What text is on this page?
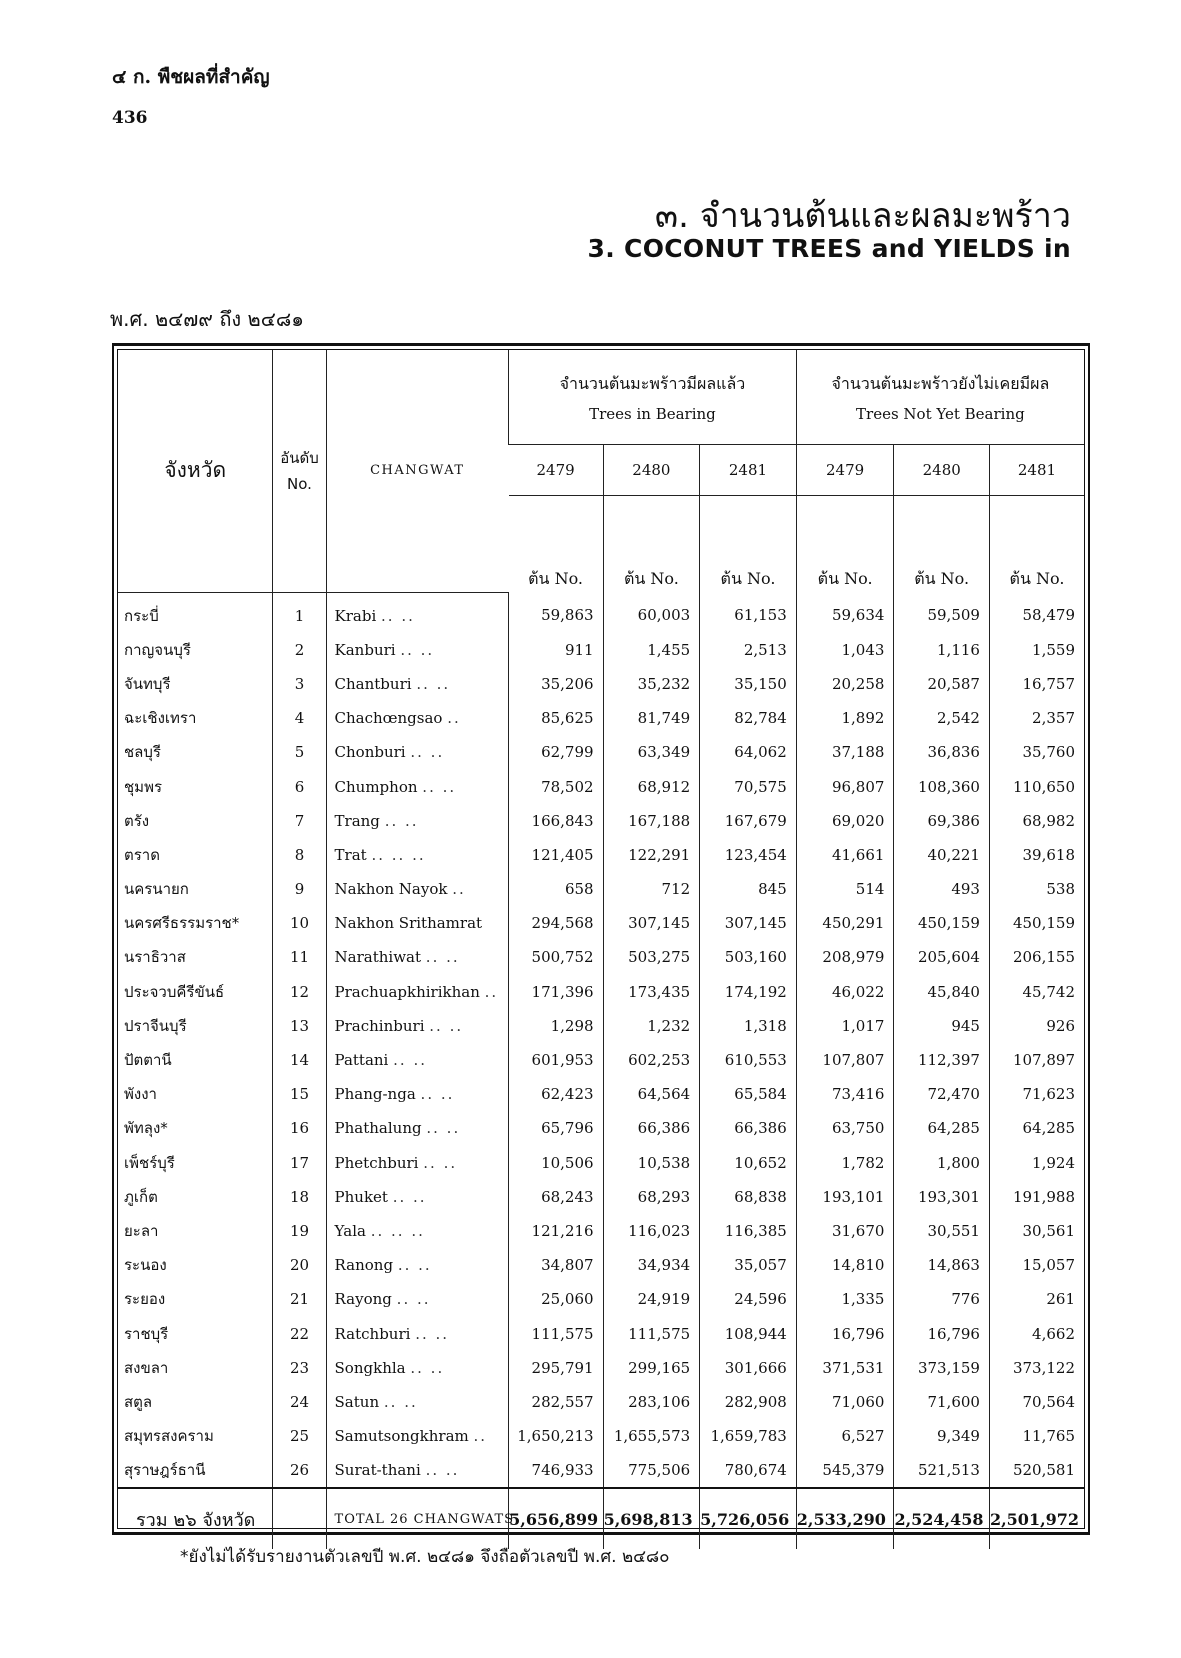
๔ ก. พืชผลที่สำคัญ
436
๓. จำนวนต้นและผลมะพร้าว
3. COCONUT TREES and YIELDS in
พ.ศ. ๒๔๗๙ ถึง ๒๔๘๑
จังหวัด	อันดับ
No.	CHANGWAT	จำนวนต้นมะพร้าวมีผลแล้ว
Trees in Bearing			จำนวนต้นมะพร้าวยังไม่เคยมีผล
Trees Not Yet Bearing		

			2479	2480	2481	2479	2480	2481
			ต้น No.	ต้น No.	ต้น No.	ต้น No.	ต้น No.	ต้น No.
กระบี่	1	Krabi .. ..	59,863	60,003	61,153	59,634	59,509	58,479
กาญจนบุรี	2	Kanburi .. ..	911	1,455	2,513	1,043	1,116	1,559
จันทบุรี	3	Chantburi .. ..	35,206	35,232	35,150	20,258	20,587	16,757
ฉะเชิงเทรา	4	Chachœngsao ..	85,625	81,749	82,784	1,892	2,542	2,357
ชลบุรี	5	Chonburi .. ..	62,799	63,349	64,062	37,188	36,836	35,760
ชุมพร	6	Chumphon .. ..	78,502	68,912	70,575	96,807	108,360	110,650
ตรัง	7	Trang .. ..	166,843	167,188	167,679	69,020	69,386	68,982
ตราด	8	Trat .. .. ..	121,405	122,291	123,454	41,661	40,221	39,618
นครนายก	9	Nakhon Nayok ..	658	712	845	514	493	538
นครศรีธรรมราช*	10	Nakhon Srithamrat	294,568	307,145	307,145	450,291	450,159	450,159
นราธิวาส	11	Narathiwat .. ..	500,752	503,275	503,160	208,979	205,604	206,155
ประจวบคีรีขันธ์	12	Prachuapkhirikhan ..	171,396	173,435	174,192	46,022	45,840	45,742
ปราจีนบุรี	13	Prachinburi .. ..	1,298	1,232	1,318	1,017	945	926
ปัตตานี	14	Pattani .. ..	601,953	602,253	610,553	107,807	112,397	107,897
พังงา	15	Phang-nga .. ..	62,423	64,564	65,584	73,416	72,470	71,623
พัทลุง*	16	Phathalung .. ..	65,796	66,386	66,386	63,750	64,285	64,285
เพ็ชร์บุรี	17	Phetchburi .. ..	10,506	10,538	10,652	1,782	1,800	1,924
ภูเก็ต	18	Phuket .. ..	68,243	68,293	68,838	193,101	193,301	191,988
ยะลา	19	Yala .. .. ..	121,216	116,023	116,385	31,670	30,551	30,561
ระนอง	20	Ranong .. ..	34,807	34,934	35,057	14,810	14,863	15,057
ระยอง	21	Rayong .. ..	25,060	24,919	24,596	1,335	776	261
ราชบุรี	22	Ratchburi .. ..	111,575	111,575	108,944	16,796	16,796	4,662
สงขลา	23	Songkhla .. ..	295,791	299,165	301,666	371,531	373,159	373,122
สตูล	24	Satun .. ..	282,557	283,106	282,908	71,060	71,600	70,564
สมุทรสงคราม	25	Samutsongkhram ..	1,650,213	1,655,573	1,659,783	6,527	9,349	11,765
สุราษฎร์ธานี	26	Surat-thani .. ..	746,933	775,506	780,674	545,379	521,513	520,581
รวม ๒๖ จังหวัด		TOTAL 26 CHANGWATS	5,656,899	5,698,813	5,726,056	2,533,290	2,524,458	2,501,972
*ยังไม่ได้รับรายงานตัวเลขปี พ.ศ. ๒๔๘๑ จึงถือตัวเลขปี พ.ศ. ๒๔๘๐
